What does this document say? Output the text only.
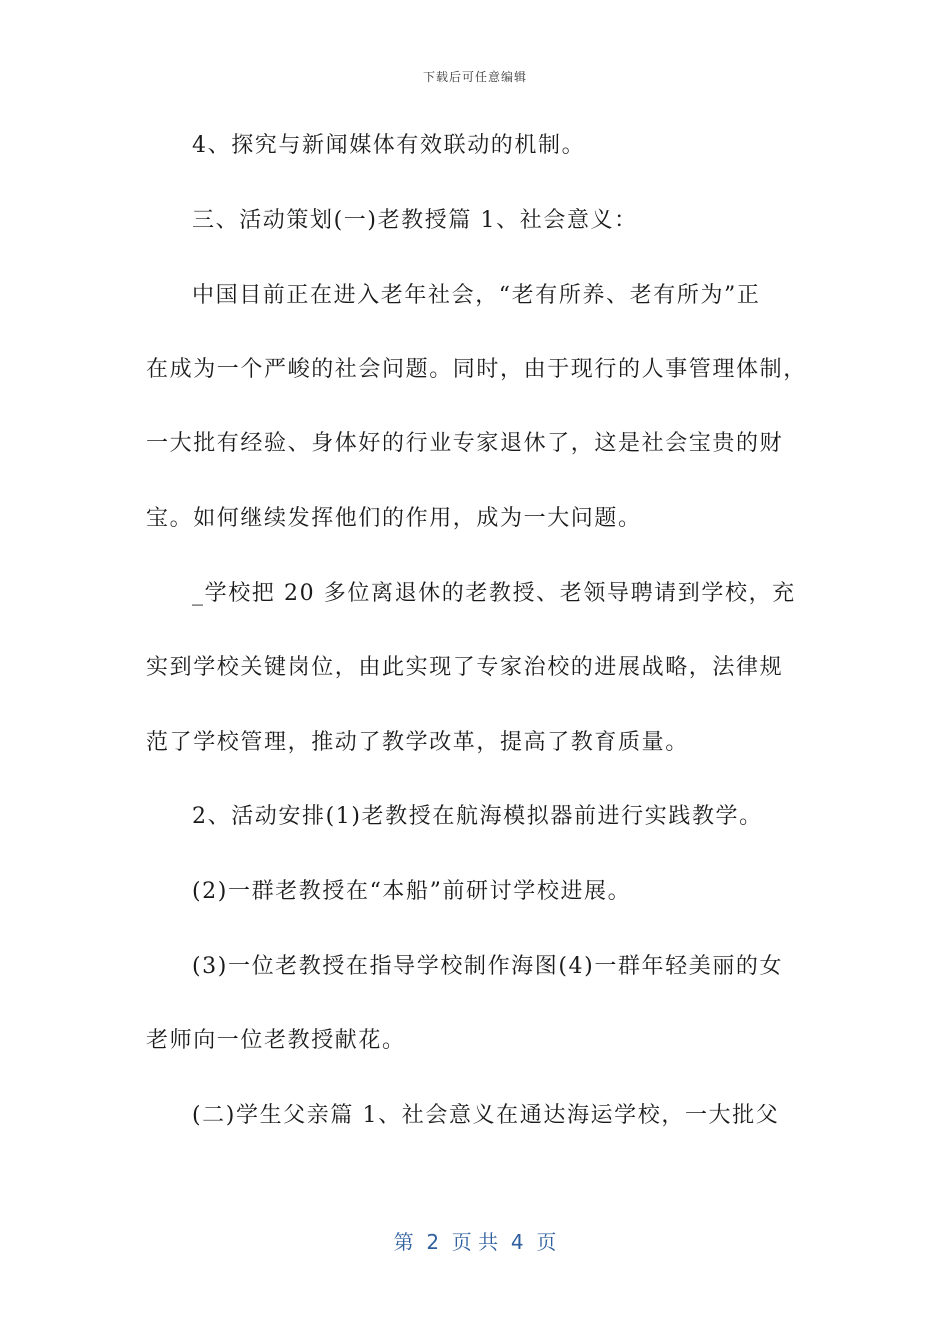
下载后可任意编辑
4、探究与新闻媒体有效联动的机制。
三、活动策划(一)老教授篇 1、社会意义：
中国目前正在进入老年社会，“老有所养、老有所为”正
在成为一个严峻的社会问题。同时，由于现行的人事管理体制，
一大批有经验、身体好的行业专家退休了，这是社会宝贵的财
宝。如何继续发挥他们的作用，成为一大问题。
_学校把 20 多位离退休的老教授、老领导聘请到学校，充
实到学校关键岗位，由此实现了专家治校的进展战略，法律规
范了学校管理，推动了教学改革，提高了教育质量。
2、活动安排(1)老教授在航海模拟器前进行实践教学。
(2)一群老教授在“本船”前研讨学校进展。
(3)一位老教授在指导学校制作海图(4)一群年轻美丽的女
老师向一位老教授献花。
(二)学生父亲篇 1、社会意义在通达海运学校，一大批父
第  2  页 共  4  页
